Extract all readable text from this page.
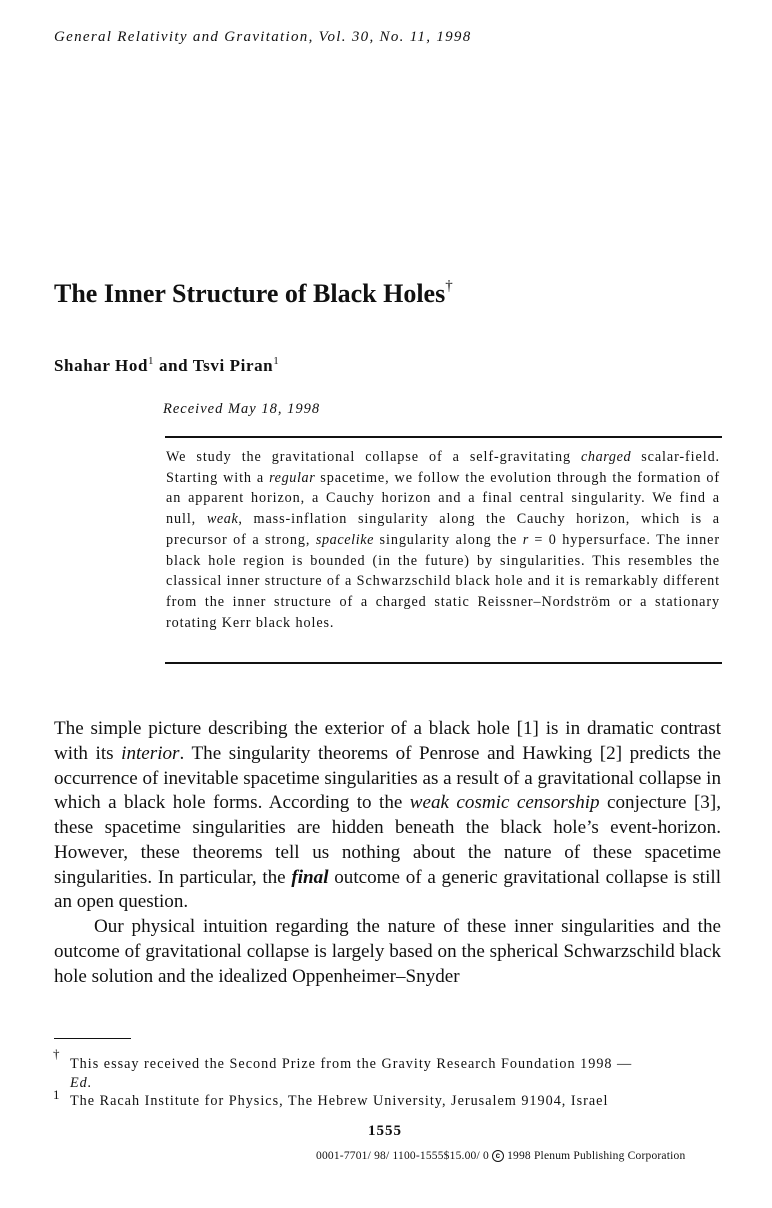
General Relativity and Gravitation, Vol. 30, No. 11, 1998
The Inner Structure of Black Holes†
Shahar Hod$^1$ and Tsvi Piran$^1$
Received May 18, 1998
We study the gravitational collapse of a self-gravitating charged scalar-field. Starting with a regular spacetime, we follow the evolution through the formation of an apparent horizon, a Cauchy horizon and a final central singularity. We find a null, weak, mass-inflation singularity along the Cauchy horizon, which is a precursor of a strong, spacelike singularity along the r = 0 hypersurface. The inner black hole region is bounded (in the future) by singularities. This resembles the classical inner structure of a Schwarzschild black hole and it is remarkably different from the inner structure of a charged static Reissner–Nordström or a stationary rotating Kerr black holes.

The simple picture describing the exterior of a black hole [1] is in dramatic contrast with its interior. The singularity theorems of Penrose and Hawking [2] predicts the occurrence of inevitable spacetime singularities as a result of a gravitational collapse in which a black hole forms. According to the weak cosmic censorship conjecture [3], these spacetime singularities are hidden beneath the black hole’s event-horizon. However, these theorems tell us nothing about the nature of these spacetime singularities. In particular, the final outcome of a generic gravitational collapse is still an open question.

Our physical intuition regarding the nature of these inner singularities and the outcome of gravitational collapse is largely based on the spherical Schwarzschild black hole solution and the idealized Oppenheimer–Snyder

†
This essay received the Second Prize from the Gravity Research Foundation 1998 —
Ed.
1 The Racah Institute for Physics, The Hebrew University, Jerusalem 91904, Israel
1555
0001-7701/ 98/ 1100-1555$15.00/ 0 c 1998 Plenum Publishing Corporation
